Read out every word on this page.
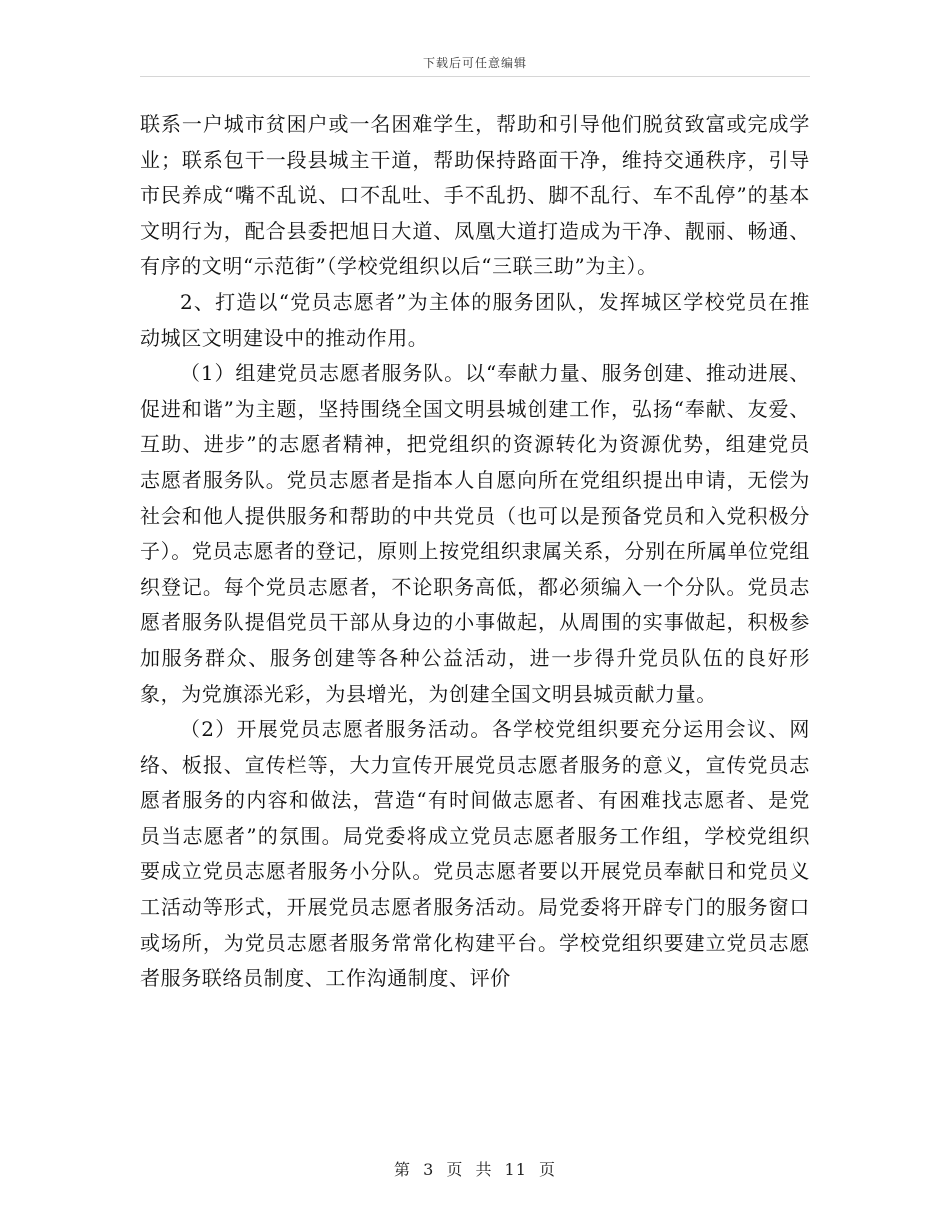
下载后可任意编辑

联系一户城市贫困户或一名困难学生，帮助和引导他们脱贫致富或完成学业；联系包干一段县城主干道，帮助保持路面干净，维持交通秩序，引导市民养成“嘴不乱说、口不乱吐、手不乱扔、脚不乱行、车不乱停”的基本文明行为，配合县委把旭日大道、凤凰大道打造成为干净、靓丽、畅通、有序的文明“示范街”（学校党组织以后“三联三助”为主）。

2、打造以“党员志愿者”为主体的服务团队，发挥城区学校党员在推动城区文明建设中的推动作用。

（1）组建党员志愿者服务队。以“奉献力量、服务创建、推动进展、促进和谐”为主题，坚持围绕全国文明县城创建工作，弘扬“奉献、友爱、互助、进步”的志愿者精神，把党组织的资源转化为资源优势，组建党员志愿者服务队。党员志愿者是指本人自愿向所在党组织提出申请，无偿为社会和他人提供服务和帮助的中共党员（也可以是预备党员和入党积极分子）。党员志愿者的登记，原则上按党组织隶属关系，分别在所属单位党组织登记。每个党员志愿者，不论职务高低，都必须编入一个分队。党员志愿者服务队提倡党员干部从身边的小事做起，从周围的实事做起，积极参加服务群众、服务创建等各种公益活动，进一步得升党员队伍的良好形象，为党旗添光彩，为县增光，为创建全国文明县城贡献力量。

（2）开展党员志愿者服务活动。各学校党组织要充分运用会议、网络、板报、宣传栏等，大力宣传开展党员志愿者服务的意义，宣传党员志愿者服务的内容和做法，营造“有时间做志愿者、有困难找志愿者、是党员当志愿者”的氛围。局党委将成立党员志愿者服务工作组，学校党组织要成立党员志愿者服务小分队。党员志愿者要以开展党员奉献日和党员义工活动等形式，开展党员志愿者服务活动。局党委将开辟专门的服务窗口或场所，为党员志愿者服务常常化构建平台。学校党组织要建立党员志愿者服务联络员制度、工作沟通制度、评价

第 3 页 共 11 页
